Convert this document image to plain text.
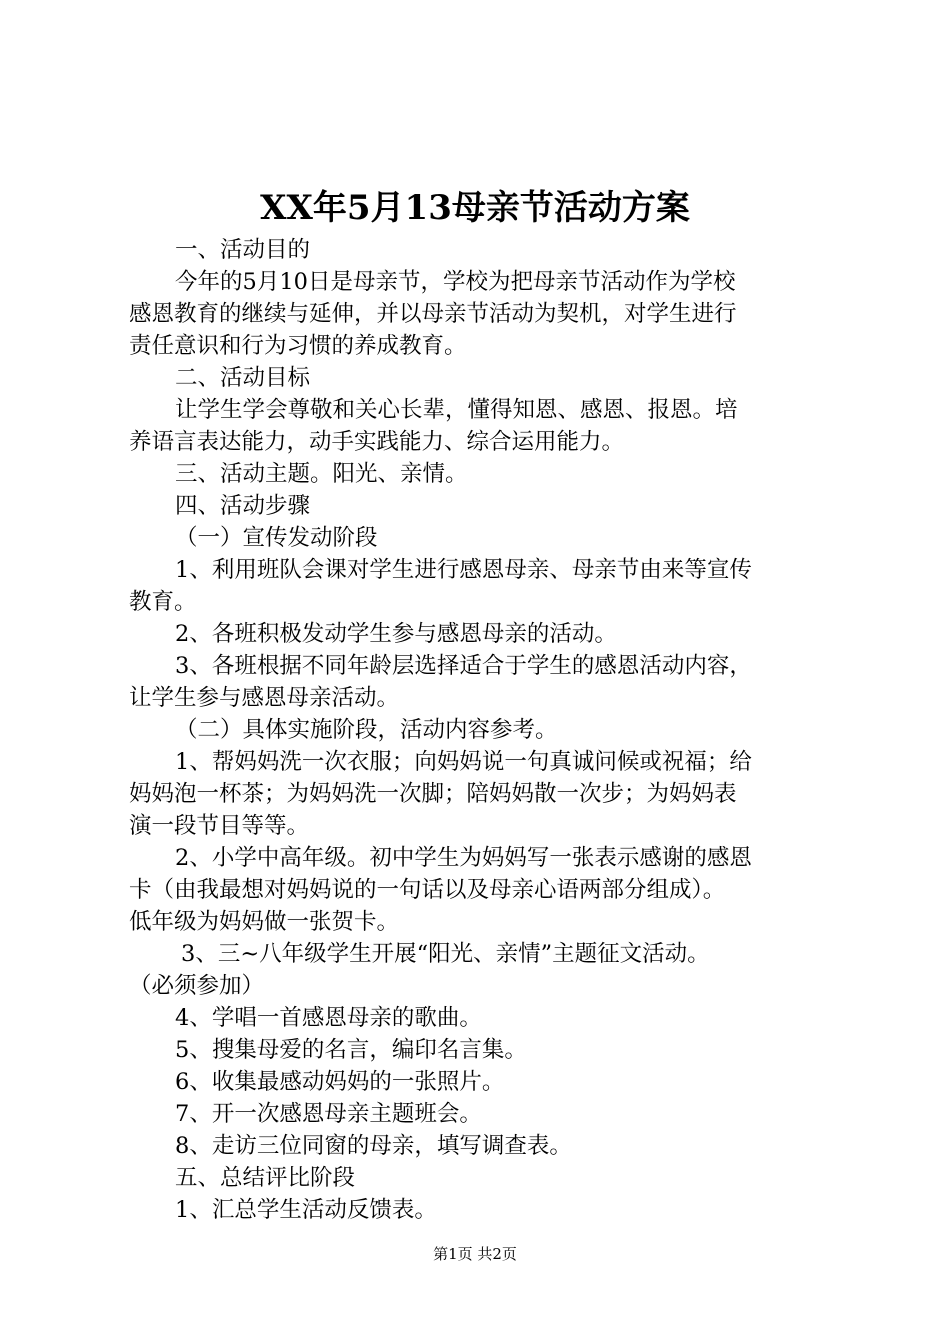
XX年5月13母亲节活动方案
一、活动目的
今年的5月10日是母亲节，学校为把母亲节活动作为学校
感恩教育的继续与延伸，并以母亲节活动为契机，对学生进行
责任意识和行为习惯的养成教育。
二、活动目标
让学生学会尊敬和关心长辈，懂得知恩、感恩、报恩。培
养语言表达能力，动手实践能力、综合运用能力。
三、活动主题。阳光、亲情。
四、活动步骤
（一）宣传发动阶段
1、利用班队会课对学生进行感恩母亲、母亲节由来等宣传
教育。
2、各班积极发动学生参与感恩母亲的活动。
3、各班根据不同年龄层选择适合于学生的感恩活动内容，
让学生参与感恩母亲活动。
（二）具体实施阶段，活动内容参考。
1、帮妈妈洗一次衣服；向妈妈说一句真诚问候或祝福；给
妈妈泡一杯茶；为妈妈洗一次脚；陪妈妈散一次步；为妈妈表
演一段节目等等。
2、小学中高年级。初中学生为妈妈写一张表示感谢的感恩
卡（由我最想对妈妈说的一句话以及母亲心语两部分组成）。
低年级为妈妈做一张贺卡。
3、三~八年级学生开展“阳光、亲情”主题征文活动。
（必须参加）
4、学唱一首感恩母亲的歌曲。
5、搜集母爱的名言，编印名言集。
6、收集最感动妈妈的一张照片。
7、开一次感恩母亲主题班会。
8、走访三位同窗的母亲，填写调查表。
五、总结评比阶段
1、汇总学生活动反馈表。
第1页 共2页
